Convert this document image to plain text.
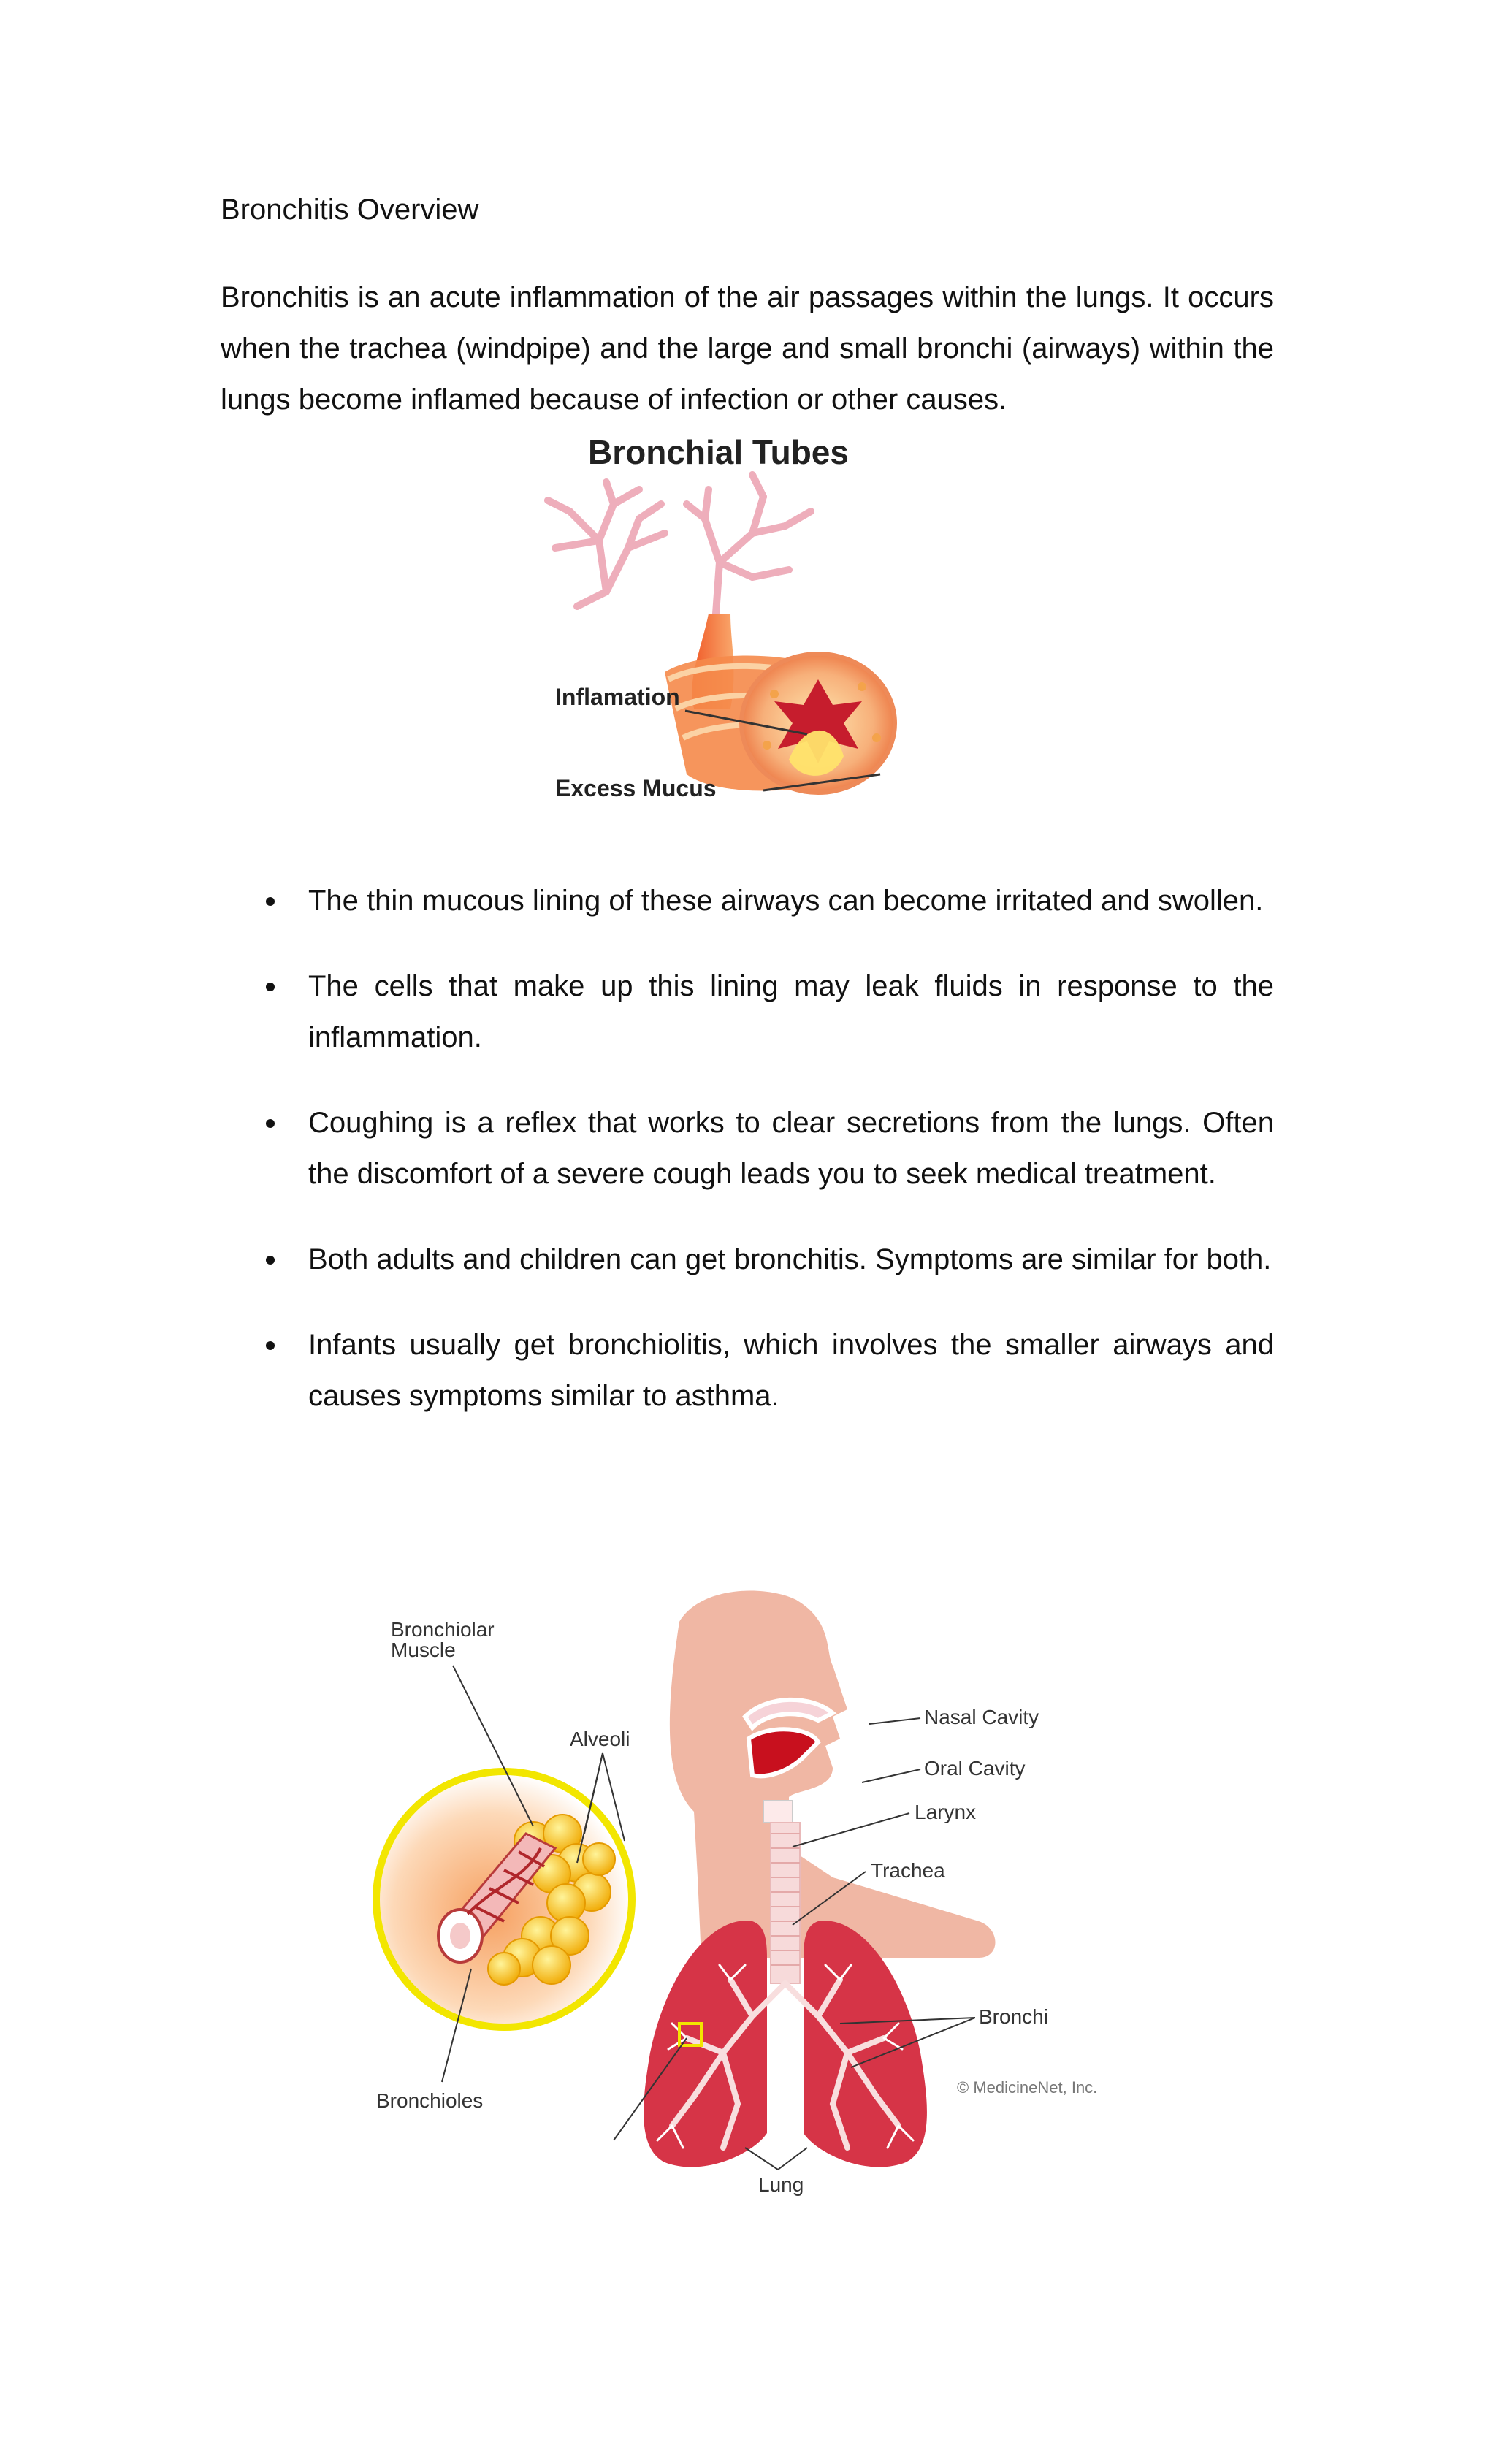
Bronchitis Overview

Bronchitis is an acute inflammation of the air passages within the lungs. It occurs when the trachea (windpipe) and the large and small bronchi (airways) within the lungs become inflamed because of infection or other causes.

Bronchial Tubes
Inflamation
Excess Mucus
The thin mucous lining of these airways can become irritated and swollen.
The cells that make up this lining may leak fluids in response to the inflammation.
Coughing is a reflex that works to clear secretions from the lungs. Often the discomfort of a severe cough leads you to seek medical treatment.
Both adults and children can get bronchitis. Symptoms are similar for both.
Infants usually get bronchiolitis, which involves the smaller airways and causes symptoms similar to asthma.
Bronchiolar
Muscle
Alveoli
Nasal Cavity
Oral Cavity
Larynx
Trachea
Bronchi
© MedicineNet, Inc.
Bronchioles
Lung
